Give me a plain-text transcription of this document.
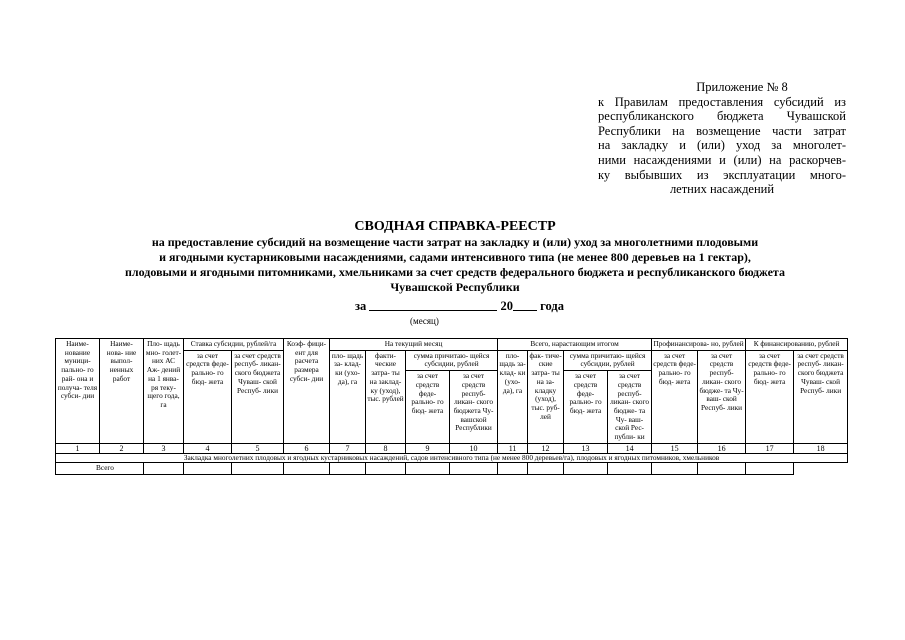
Приложение № 8
к Правилам предоставления субсидий из
республиканского бюджета Чувашской
Республики на возмещение части затрат
на закладку и (или) уход за многолет-
ними насаждениями и (или) на раскорчев-
ку выбывших из эксплуатации много-
летних насаждений
СВОДНАЯ СПРАВКА-РЕЕСТР
на предоставление субсидий на возмещение части затрат на закладку и (или) уход за многолетними плодовыми
и ягодными кустарниковыми насаждениями, садами интенсивного типа (не менее 800 деревьев на 1 гектар),
плодовыми и ягодными питомниками, хмельниками за счет средств федерального бюджета и республиканского бюджета
Чувашской Республики
за	20 года
(месяц)
Наиме- нование муници- пально- го рай- она и получа- теля субси- дии	Наиме- нова- ние выпол- ненных работ	Пло- щадь мно- голет- них АС Аж- дений на 1 янва- ря теку- щего года, га	Ставка субсидии, рублей/га		Коэф- фици- ент для расчета размера субси- дии	На текущий месяц				Всего, нарастающим итогом				Профинансирова- но, рублей		К финансированию, рублей	
			за счет средств феде- рально- го бюд- жета	за счет средств респуб- ликан- ского бюджета Чуваш- ской Респуб- лики		пло- щадь за- клад- ки (ухо- да), га	факти- ческие затра- ты на заклад- ку (уход), тыс. рублей	сумма причитаю- щейся субсидии, рублей		пло- щадь за- клад- ки (ухо- да), га	фак- тиче- ские затра- ты на за- кладку (уход), тыс. руб- лей	сумма причитаю- щейся субсидии, рублей		за счет средств феде- рально- го бюд- жета	за счет средств респуб- ликан- ского бюдже- та Чу- ваш- ской Респуб- лики	за счет средств феде- рально- го бюд- жета	за счет средств респуб- ликан- ского бюджета Чуваш- ской Респуб- лики
								за счет средств феде- рально- го бюд- жета	за счет средств респуб- ликан- ского бюджета Чу- вашской Республики			за счет средств феде- рально- го бюд- жета	за счет средств респуб- ликан- ского бюдже- та Чу- ваш- ской Рес- публи- ки				
1	2	3	4	5	6	7	8	9	10	11	12	13	14	15	16	17	18
Закладка многолетних плодовых и ягодных кустарниковых насаждений, садов интенсивного типа (не менее 800 деревьев/га), плодовых и ягодных питомников, хмельников																	
Всего																	
